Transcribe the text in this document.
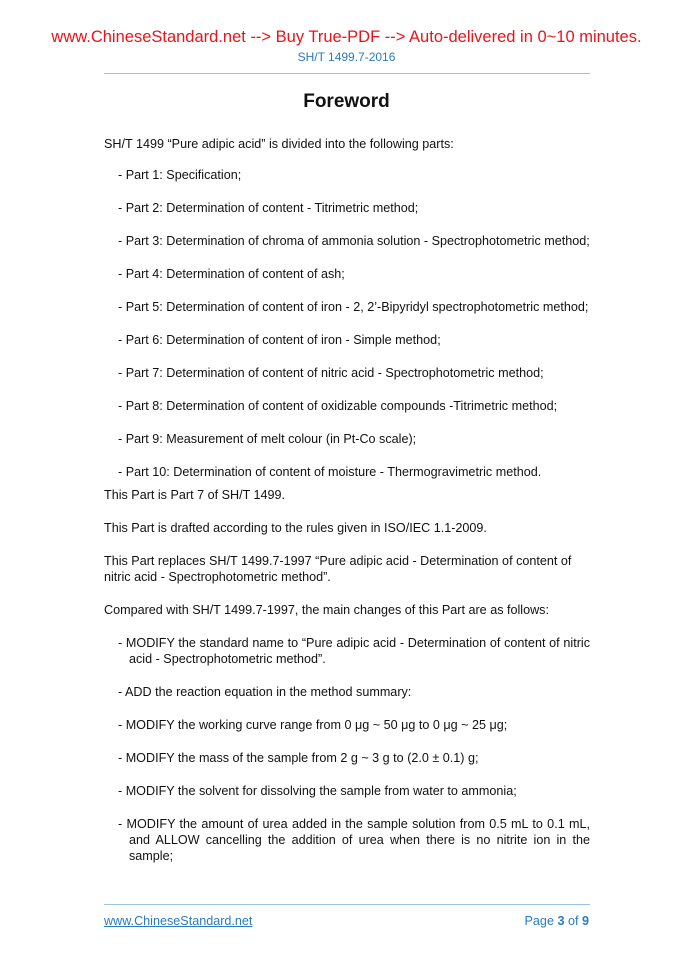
www.ChineseStandard.net --> Buy True-PDF --> Auto-delivered in 0~10 minutes.
SH/T 1499.7-2016
Foreword
SH/T 1499 “Pure adipic acid” is divided into the following parts:
- Part 1: Specification;
- Part 2: Determination of content - Titrimetric method;
- Part 3: Determination of chroma of ammonia solution - Spectrophotometric method;
- Part 4: Determination of content of ash;
- Part 5: Determination of content of iron - 2, 2’-Bipyridyl spectrophotometric method;
- Part 6: Determination of content of iron - Simple method;
- Part 7: Determination of content of nitric acid - Spectrophotometric method;
- Part 8: Determination of content of oxidizable compounds -Titrimetric method;
- Part 9: Measurement of melt colour (in Pt-Co scale);
- Part 10: Determination of content of moisture - Thermogravimetric method.
This Part is Part 7 of SH/T 1499.
This Part is drafted according to the rules given in ISO/IEC 1.1-2009.
This Part replaces SH/T 1499.7-1997 “Pure adipic acid - Determination of content of nitric acid - Spectrophotometric method”.
Compared with SH/T 1499.7-1997, the main changes of this Part are as follows:
- MODIFY the standard name to “Pure adipic acid - Determination of content of nitric acid - Spectrophotometric method”.
- ADD the reaction equation in the method summary:
- MODIFY the working curve range from 0 μg ~ 50 μg to 0 μg ~ 25 μg;
- MODIFY the mass of the sample from 2 g ~ 3 g to (2.0 ± 0.1) g;
- MODIFY the solvent for dissolving the sample from water to ammonia;
- MODIFY the amount of urea added in the sample solution from 0.5 mL to 0.1 mL, and ALLOW cancelling the addition of urea when there is no nitrite ion in the sample;
www.ChineseStandard.net	Page 3 of 9
